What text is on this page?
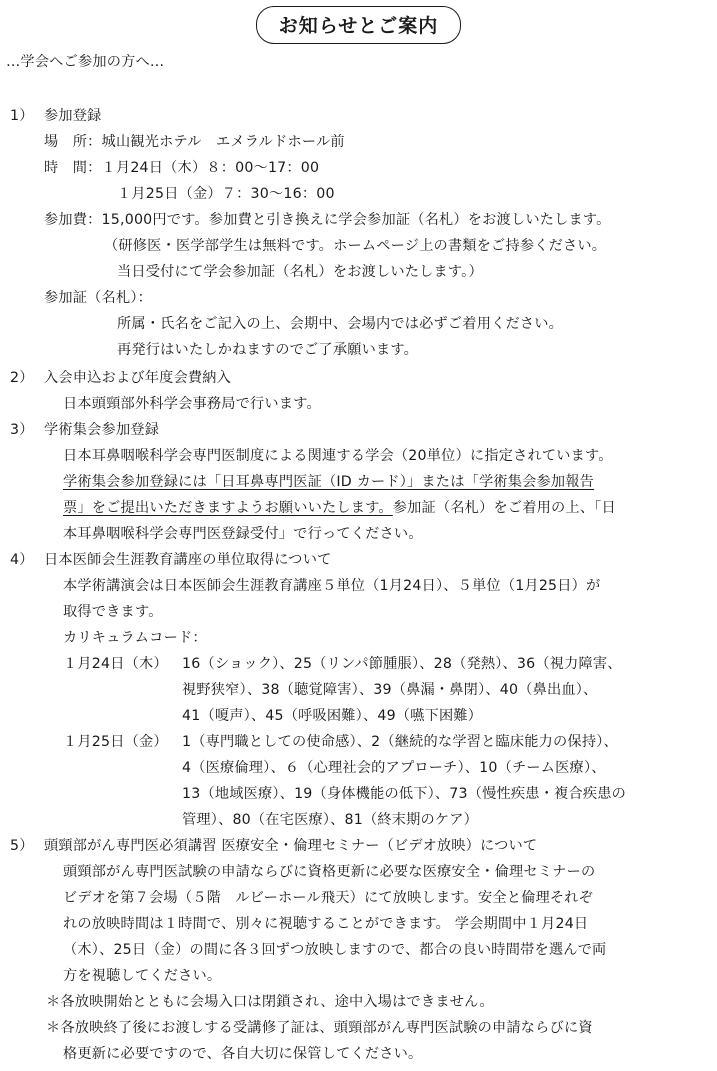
お知らせとご案内
…学会へご参加の方へ…
1） 参加登録
場　所：城山観光ホテル　エメラルドホール前
時　間：１月24日（木）８：00～17：00
１月25日（金）７：30～16：00
参加費：15,000円です。参加費と引き換えに学会参加証（名札）をお渡しいたします。
（研修医・医学部学生は無料です。ホームページ上の書類をご持参ください。
当日受付にて学会参加証（名札）をお渡しいたします。）
参加証（名札）：
所属・氏名をご記入の上、会期中、会場内では必ずご着用ください。
再発行はいたしかねますのでご了承願います。
2） 入会申込および年度会費納入
日本頭頸部外科学会事務局で行います。
3） 学術集会参加登録
日本耳鼻咽喉科学会専門医制度による関連する学会（20単位）に指定されています。
学術集会参加登録には「日耳鼻専門医証（ID カード）」または「学術集会参加報告
票」をご提出いただきますようお願いいたします。参加証（名札）をご着用の上、「日
本耳鼻咽喉科学会専門医登録受付」で行ってください。
4） 日本医師会生涯教育講座の単位取得について
本学術講演会は日本医師会生涯教育講座５単位（1月24日）、５単位（1月25日）が
取得できます。
カリキュラムコード：
１月24日（木） 16（ショック）、25（リンパ節腫脹）、28（発熱）、36（視力障害、
視野狭窄）、38（聴覚障害）、39（鼻漏・鼻閉）、40（鼻出血）、
41（嗄声）、45（呼吸困難）、49（嚥下困難）
１月25日（金） 1（専門職としての使命感）、2（継続的な学習と臨床能力の保持）、
4（医療倫理）、６（心理社会的アプローチ）、10（チーム医療）、
13（地域医療）、19（身体機能の低下）、73（慢性疾患・複合疾患の
管理）、80（在宅医療）、81（終末期のケア）
5） 頭頸部がん専門医必須講習 医療安全・倫理セミナー（ビデオ放映）について
頭頸部がん専門医試験の申請ならびに資格更新に必要な医療安全・倫理セミナーの
ビデオを第７会場（５階　ルビーホール飛天）にて放映します。安全と倫理それぞ
れの放映時間は１時間で、別々に視聴することができます。 学会期間中１月24日
（木）、25日（金）の間に各３回ずつ放映しますので、都合の良い時間帯を選んで両
方を視聴してください。
＊各放映開始とともに会場入口は閉鎖され、途中入場はできません。
＊各放映終了後にお渡しする受講修了証は、頭頸部がん専門医試験の申請ならびに資
格更新に必要ですので、各自大切に保管してください。
